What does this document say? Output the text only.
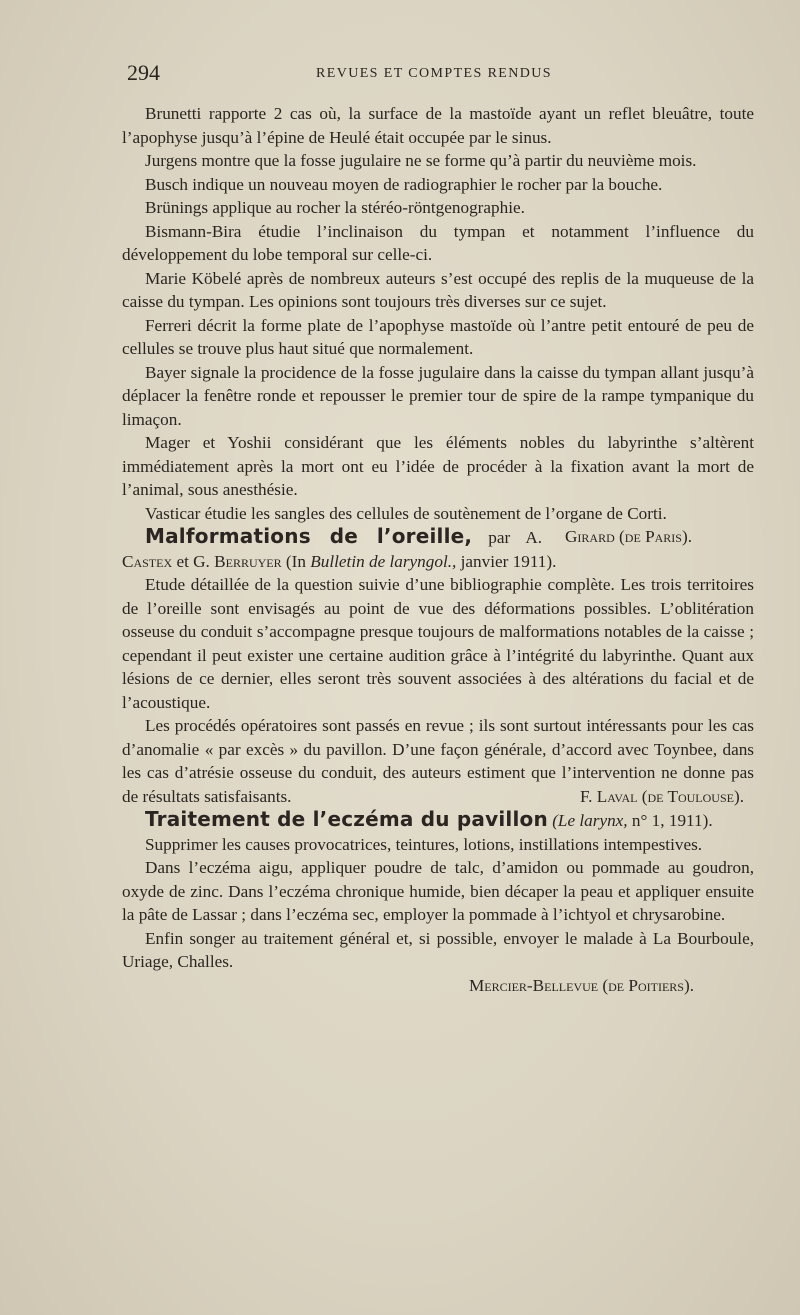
294	REVUES ET COMPTES RENDUS

Brunetti rapporte 2 cas où, la surface de la mastoïde ayant un reflet bleuâtre, toute l’apophyse jusqu’à l’épine de Heulé était occupée par le sinus.

Jurgens montre que la fosse jugulaire ne se forme qu’à partir du neuvième mois.

Busch indique un nouveau moyen de radiographier le rocher par la bouche.

Brünings applique au rocher la stéréo-röntgenographie.

Bismann-Bira étudie l’inclinaison du tympan et notamment l’influence du développement du lobe temporal sur celle-ci.

Marie Köbelé après de nombreux auteurs s’est occupé des replis de la muqueuse de la caisse du tympan. Les opinions sont toujours très diverses sur ce sujet.

Ferreri décrit la forme plate de l’apophyse mastoïde où l’antre petit entouré de peu de cellules se trouve plus haut situé que normalement.

Bayer signale la procidence de la fosse jugulaire dans la caisse du tympan allant jusqu’à déplacer la fenêtre ronde et repousser le premier tour de spire de la rampe tympanique du limaçon.

Mager et Yoshii considérant que les éléments nobles du labyrinthe s’altèrent immédiatement après la mort ont eu l’idée de procéder à la fixation avant la mort de l’animal, sous anesthésie.

Vasticar étudie les sangles des cellules de soutènement de l’organe de Corti.
Girard (de Paris).

Malformations de l’oreille, par A. Castex et G. Berruyer (In Bulletin de laryngol., janvier 1911).

Etude détaillée de la question suivie d’une bibliographie complète. Les trois territoires de l’oreille sont envisagés au point de vue des déformations possibles. L’oblitération osseuse du conduit s’accompagne presque toujours de malformations notables de la caisse ; cependant il peut exister une certaine audition grâce à l’intégrité du labyrinthe. Quant aux lésions de ce dernier, elles seront très souvent associées à des altérations du facial et de l’acoustique.

Les procédés opératoires sont passés en revue ; ils sont surtout intéressants pour les cas d’anomalie « par excès » du pavillon. D’une façon générale, d’accord avec Toynbee, dans les cas d’atrésie osseuse du conduit, des auteurs estiment que l’intervention ne donne pas de résultats satisfaisants.	F. Laval (de Toulouse).

Traitement de l’eczéma du pavillon (Le larynx, n° 1, 1911).

Supprimer les causes provocatrices, teintures, lotions, instillations intempestives.

Dans l’eczéma aigu, appliquer poudre de talc, d’amidon ou pommade au goudron, oxyde de zinc. Dans l’eczéma chronique humide, bien décaper la peau et appliquer ensuite la pâte de Lassar ; dans l’eczéma sec, employer la pommade à l’ichtyol et chrysarobine.

Enfin songer au traitement général et, si possible, envoyer le malade à La Bourboule, Uriage, Challes.

Mercier-Bellevue (de Poitiers).
